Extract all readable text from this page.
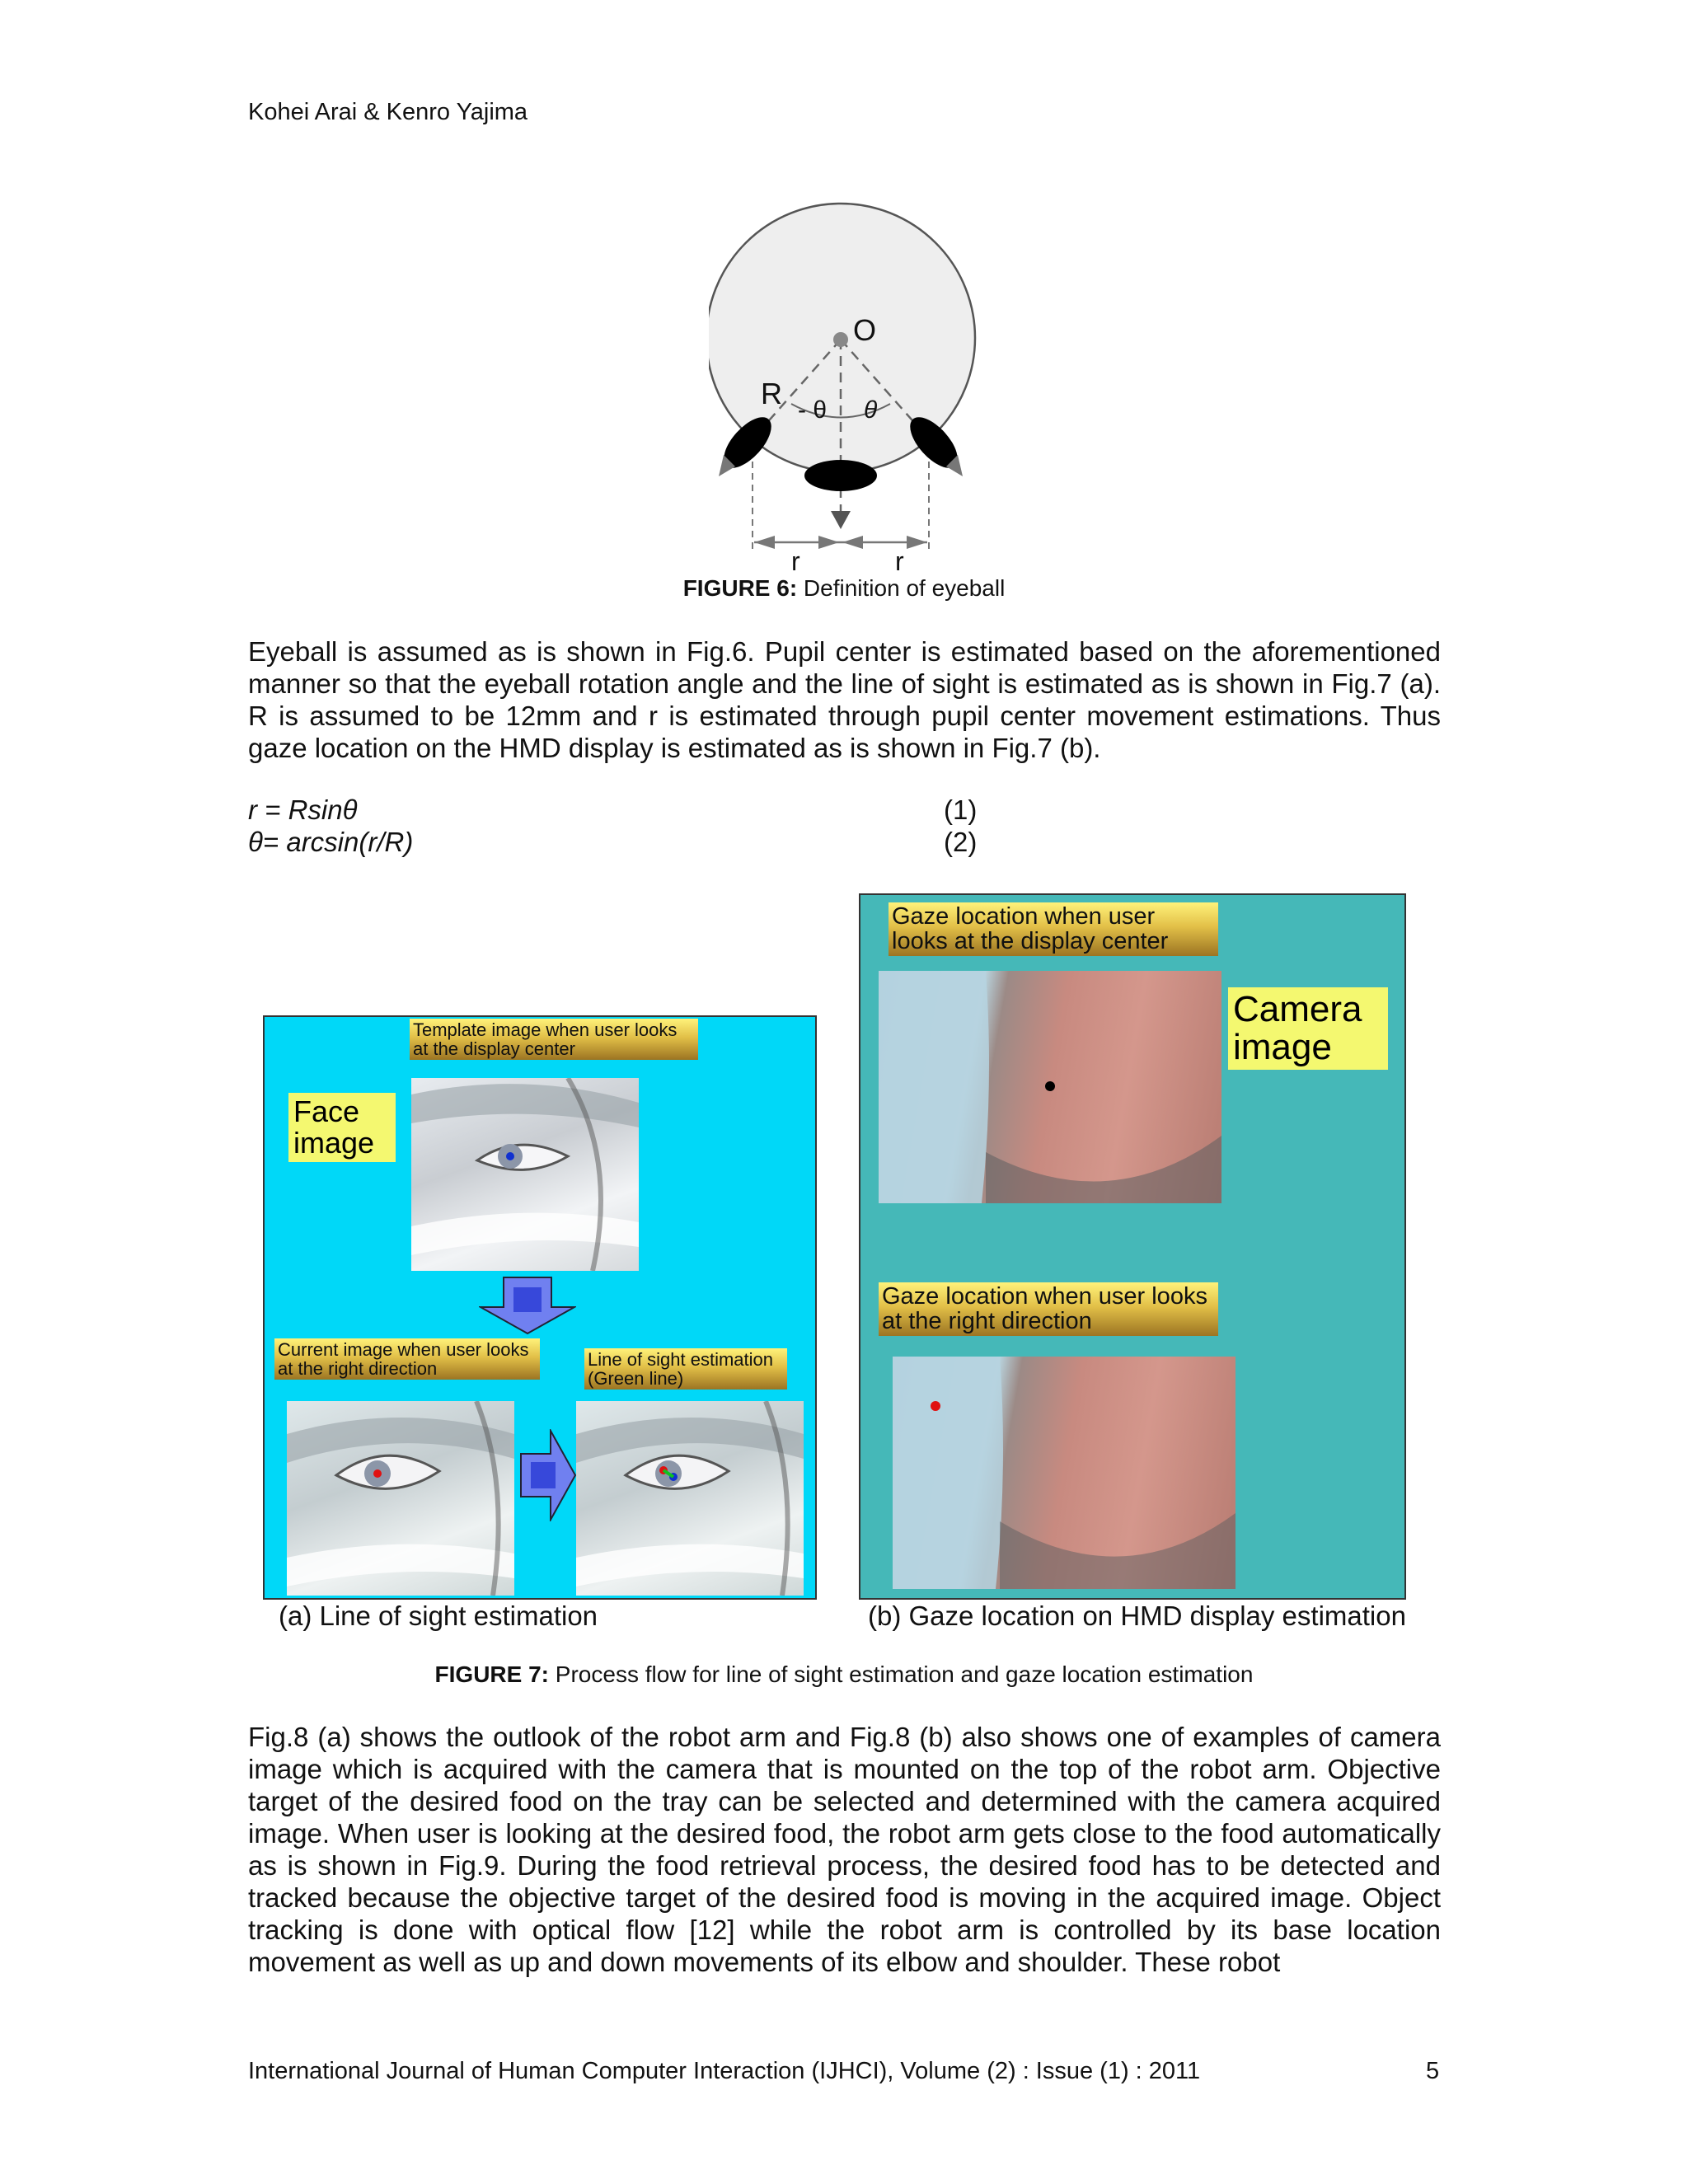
Kohei Arai & Kenro Yajima
O
R - θ θ
r	r
FIGURE 6: Definition of eyeball
Eyeball is assumed as is shown in Fig.6. Pupil center is estimated based on the aforementioned manner so that the eyeball rotation angle and the line of sight is estimated as is shown in Fig.7 (a). R is assumed to be 12mm and r is estimated through pupil center movement estimations. Thus gaze location on the HMD display is estimated as is shown in Fig.7 (b).
r = Rsinθ	(1)
θ= arcsin(r/R)	(2)
Template image when user looks at the display center
Face image
Current image when user looks at the right direction	Line of sight estimation (Green line)
Gaze location when user looks at the display center
Camera image
Gaze location when user looks at the right direction
(a) Line of sight estimation	(b) Gaze location on HMD display estimation
FIGURE 7: Process flow for line of sight estimation and gaze location estimation
Fig.8 (a) shows the outlook of the robot arm and Fig.8 (b) also shows one of examples of camera image which is acquired with the camera that is mounted on the top of the robot arm. Objective target of the desired food on the tray can be selected and determined with the camera acquired image. When user is looking at the desired food, the robot arm gets close to the food automatically as is shown in Fig.9. During the food retrieval process, the desired food has to be detected and tracked because the objective target of the desired food is moving in the acquired image. Object tracking is done with optical flow [12] while the robot arm is controlled by its base location movement as well as up and down movements of its elbow and shoulder. These robot
International Journal of Human Computer Interaction (IJHCI), Volume (2) : Issue (1) : 2011	5
